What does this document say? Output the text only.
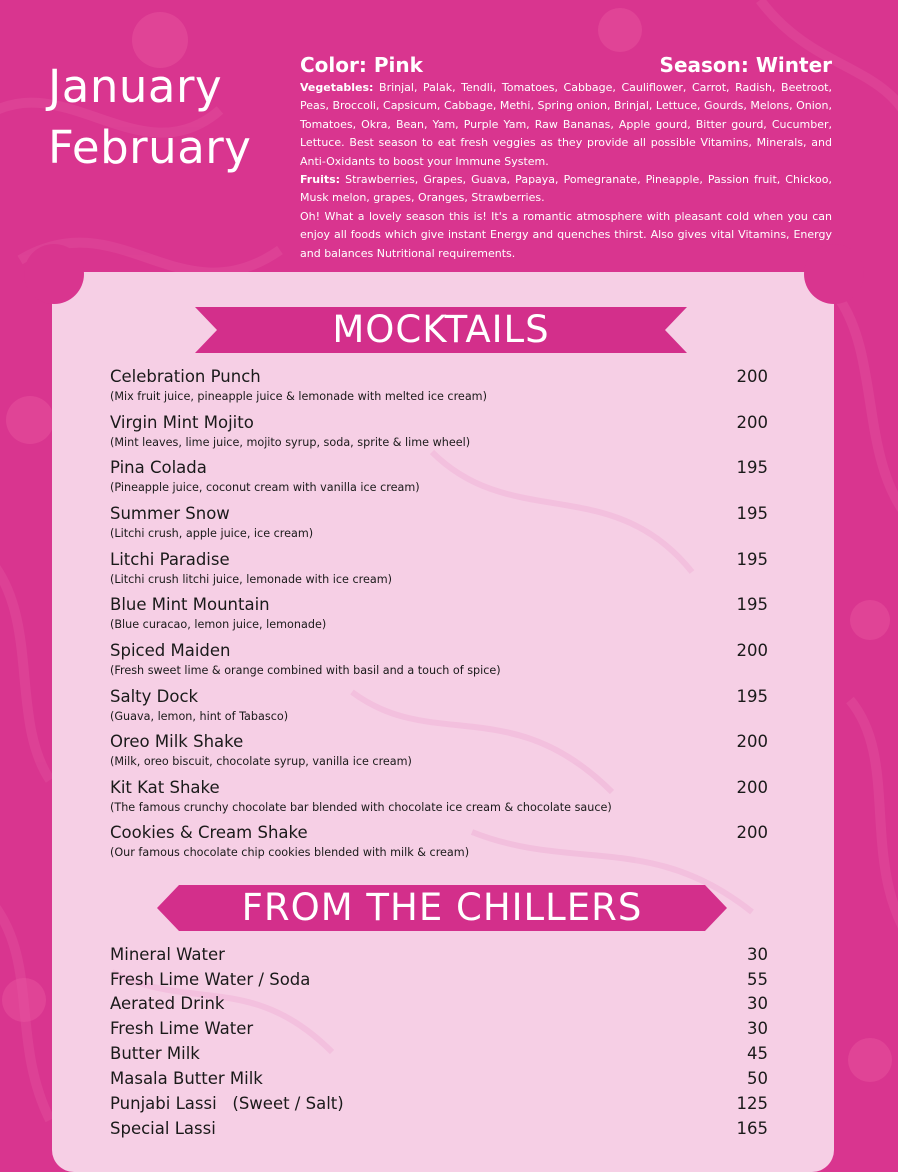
January
February
Color: Pink	Season: Winter

Vegetables: Brinjal, Palak, Tendli, Tomatoes, Cabbage, Cauliflower, Carrot, Radish, Beetroot, Peas, Broccoli, Capsicum, Cabbage, Methi, Spring onion, Brinjal, Lettuce, Gourds, Melons, Onion, Tomatoes, Okra, Bean, Yam, Purple Yam, Raw Bananas, Apple gourd, Bitter gourd, Cucumber, Lettuce. Best season to eat fresh veggies as they provide all possible Vitamins, Minerals, and Anti-Oxidants to boost your Immune System.

Fruits: Strawberries, Grapes, Guava, Papaya, Pomegranate, Pineapple, Passion fruit, Chickoo, Musk melon, grapes, Oranges, Strawberries.

Oh! What a lovely season this is! It's a romantic atmosphere with pleasant cold when you can enjoy all foods which give instant Energy and quenches thirst. Also gives vital Vitamins, Energy and balances Nutritional requirements.

MOCKTAILS
Celebration Punch
(Mix fruit juice, pineapple juice & lemonade with melted ice cream)
200
Virgin Mint Mojito
(Mint leaves, lime juice, mojito syrup, soda, sprite & lime wheel)
200
Pina Colada
(Pineapple juice, coconut cream with vanilla ice cream)
195
Summer Snow
(Litchi crush, apple juice, ice cream)
195
Litchi Paradise
(Litchi crush litchi juice, lemonade with ice cream)
195
Blue Mint Mountain
(Blue curacao, lemon juice, lemonade)
195
Spiced Maiden
(Fresh sweet lime & orange combined with basil and a touch of spice)
200
Salty Dock
(Guava, lemon, hint of Tabasco)
195
Oreo Milk Shake
(Milk, oreo biscuit, chocolate syrup, vanilla ice cream)
200
Kit Kat Shake
(The famous crunchy chocolate bar blended with chocolate ice cream & chocolate sauce)
200
Cookies & Cream Shake
(Our famous chocolate chip cookies blended with milk & cream)
200
FROM THE CHILLERS
Mineral Water	30
Fresh Lime Water / Soda	55
Aerated Drink	30
Fresh Lime Water	30
Butter Milk	45
Masala Butter Milk	50
Punjabi Lassi   (Sweet / Salt)	125
Special Lassi	165
